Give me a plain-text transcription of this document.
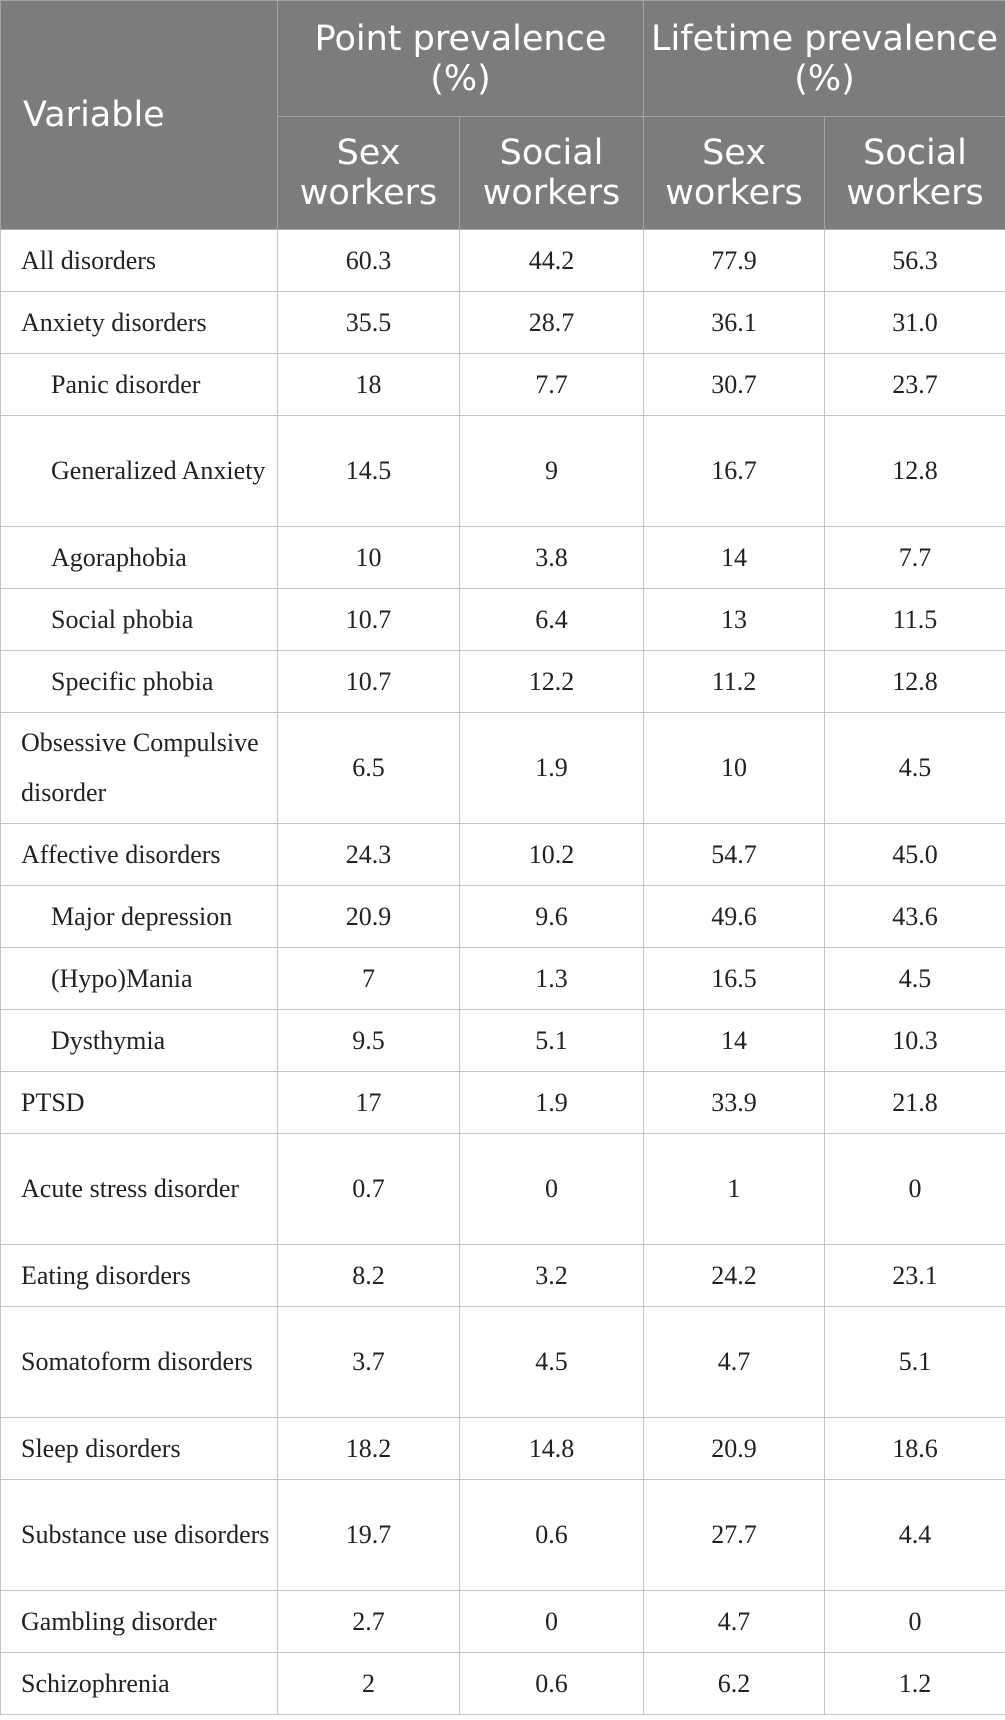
Variable	Point prevalence (%)		Lifetime prevalence (%)	
	Sex workers	Social workers	Sex workers	Social workers
All disorders	60.3	44.2	77.9	56.3
Anxiety disorders	35.5	28.7	36.1	31.0
Panic disorder	18	7.7	30.7	23.7
Generalized Anxiety	14.5	9	16.7	12.8
Agoraphobia	10	3.8	14	7.7
Social phobia	10.7	6.4	13	11.5
Specific phobia	10.7	12.2	11.2	12.8
Obsessive Compulsive disorder	6.5	1.9	10	4.5
Affective disorders	24.3	10.2	54.7	45.0
Major depression	20.9	9.6	49.6	43.6
(Hypo)Mania	7	1.3	16.5	4.5
Dysthymia	9.5	5.1	14	10.3
PTSD	17	1.9	33.9	21.8
Acute stress disorder	0.7	0	1	0
Eating disorders	8.2	3.2	24.2	23.1
Somatoform disorders	3.7	4.5	4.7	5.1
Sleep disorders	18.2	14.8	20.9	18.6
Substance use disorders	19.7	0.6	27.7	4.4
Gambling disorder	2.7	0	4.7	0
Schizophrenia	2	0.6	6.2	1.2
